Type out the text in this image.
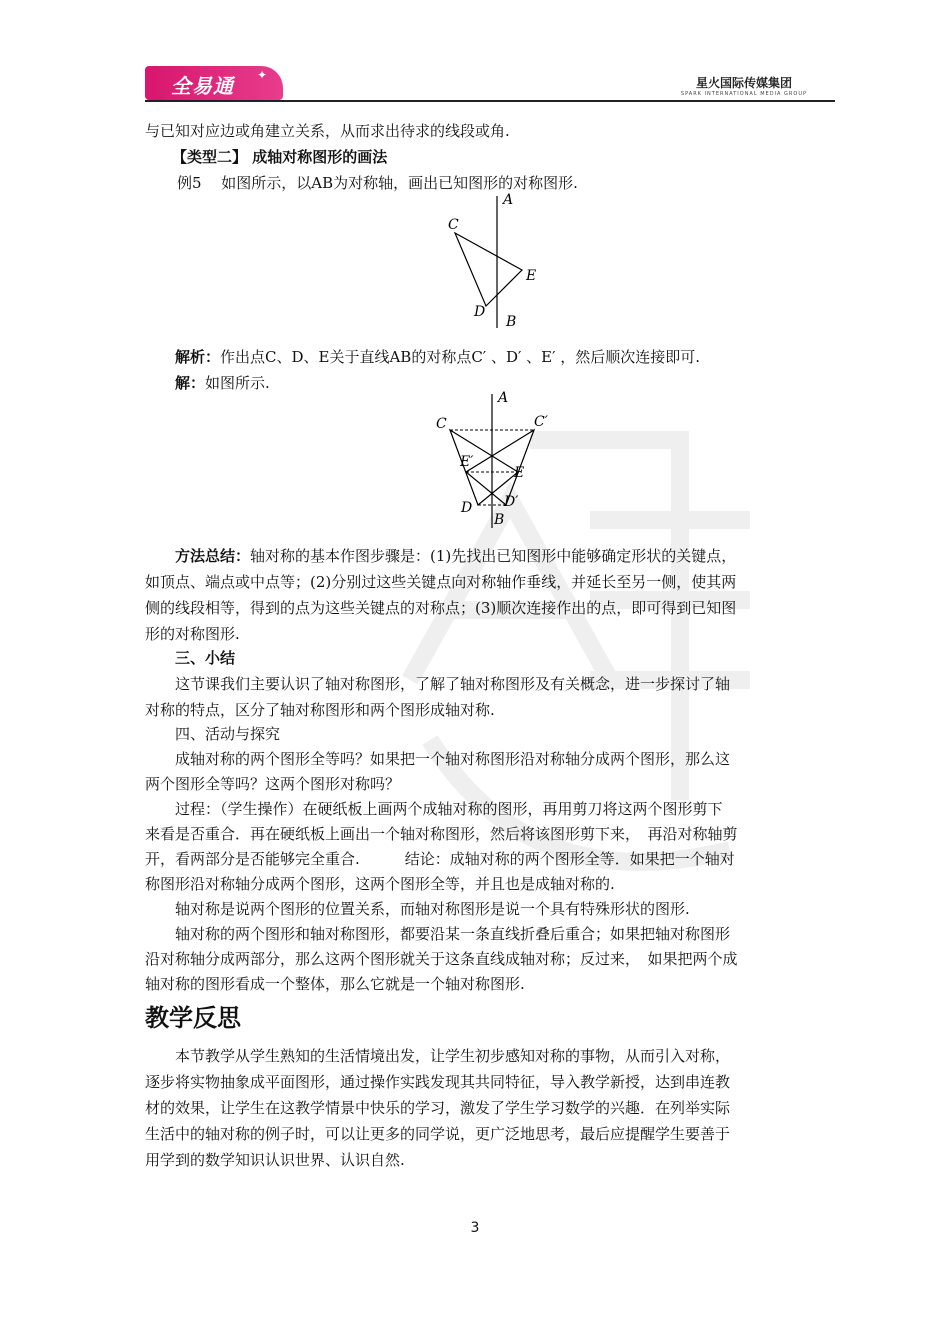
全易通 ✦
星火国际传媒集团
SPARK INTERNATIONAL MEDIA GROUP
与已知对应边或角建立关系，从而求出待求的线段或角.
【类型二】 成轴对称图形的画法
例5　 如图所示，以AB为对称轴，画出已知图形的对称图形.
A
B
C
D
E
解析：作出点C、D、E关于直线AB的对称点C′ 、D′ 、E′ ，然后顺次连接即可.
解：如图所示.
A
B
C	C′
D D′
E
E′
方法总结：轴对称的基本作图步骤是：(1)先找出已知图形中能够确定形状的关键点，
如顶点、端点或中点等；(2)分别过这些关键点向对称轴作垂线，并延长至另一侧，使其两
侧的线段相等，得到的点为这些关键点的对称点；(3)顺次连接作出的点，即可得到已知图
形的对称图形.
三、小结
这节课我们主要认识了轴对称图形，了解了轴对称图形及有关概念，进一步探讨了轴
对称的特点，区分了轴对称图形和两个图形成轴对称.
四、活动与探究
成轴对称的两个图形全等吗？如果把一个轴对称图形沿对称轴分成两个图形，那么这
两个图形全等吗？这两个图形对称吗？
过程：（学生操作）在硬纸板上画两个成轴对称的图形，再用剪刀将这两个图形剪下
来看是否重合．再在硬纸板上画出一个轴对称图形，然后将该图形剪下来，　再沿对称轴剪
开，看两部分是否能够完全重合.　　　结论：成轴对称的两个图形全等．如果把一个轴对
称图形沿对称轴分成两个图形，这两个图形全等，并且也是成轴对称的.
轴对称是说两个图形的位置关系，而轴对称图形是说一个具有特殊形状的图形.
轴对称的两个图形和轴对称图形，都要沿某一条直线折叠后重合；如果把轴对称图形
沿对称轴分成两部分，那么这两个图形就关于这条直线成轴对称；反过来，　如果把两个成
轴对称的图形看成一个整体，那么它就是一个轴对称图形.
教学反思
本节教学从学生熟知的生活情境出发，让学生初步感知对称的事物，从而引入对称，
逐步将实物抽象成平面图形，通过操作实践发现其共同特征，导入教学新授，达到串连教
材的效果，让学生在这教学情景中快乐的学习，激发了学生学习数学的兴趣．在列举实际
生活中的轴对称的例子时，可以让更多的同学说，更广泛地思考，最后应提醒学生要善于
用学到的数学知识认识世界、认识自然.
3
